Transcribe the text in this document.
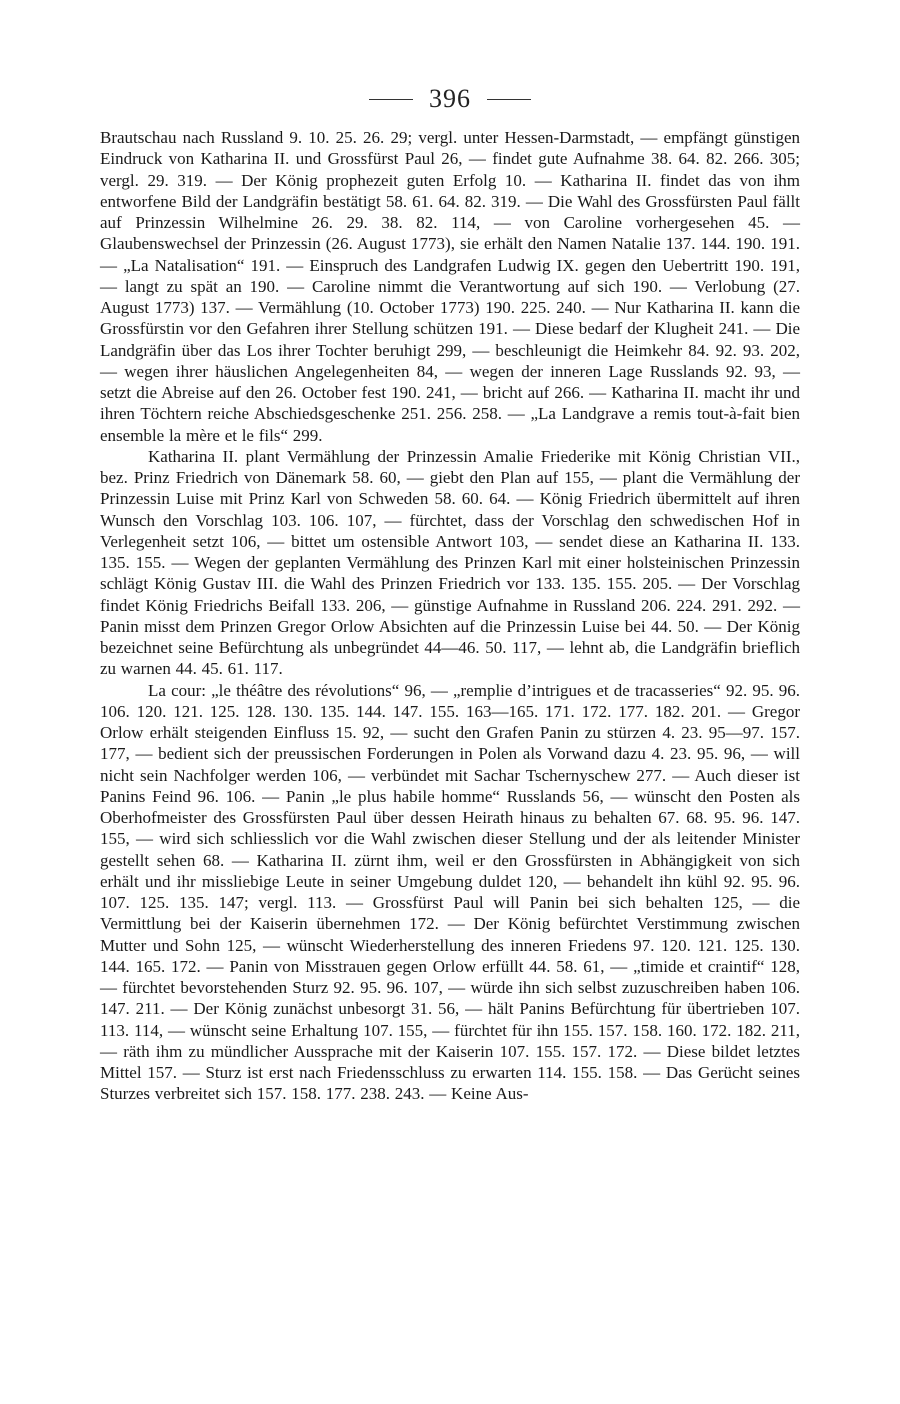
396

Brautschau nach Russland 9. 10. 25. 26. 29; vergl. unter Hessen-Darmstadt, — empfängt günstigen Eindruck von Katharina II. und Grossfürst Paul 26, — findet gute Aufnahme 38. 64. 82. 266. 305; vergl. 29. 319. — Der König prophezeit guten Erfolg 10. — Katharina II. findet das von ihm entworfene Bild der Landgräfin bestätigt 58. 61. 64. 82. 319. — Die Wahl des Grossfürsten Paul fällt auf Prinzessin Wilhelmine 26. 29. 38. 82. 114, — von Caroline vorhergesehen 45. — Glaubenswechsel der Prinzessin (26. August 1773), sie erhält den Namen Natalie 137. 144. 190. 191. — „La Natalisation“ 191. — Einspruch des Landgrafen Ludwig IX. gegen den Uebertritt 190. 191, — langt zu spät an 190. — Caroline nimmt die Verantwortung auf sich 190. — Verlobung (27. August 1773) 137. — Vermählung (10. October 1773) 190. 225. 240. — Nur Katharina II. kann die Grossfürstin vor den Gefahren ihrer Stellung schützen 191. — Diese bedarf der Klugheit 241. — Die Landgräfin über das Los ihrer Tochter beruhigt 299, — beschleunigt die Heimkehr 84. 92. 93. 202, — wegen ihrer häuslichen Angelegenheiten 84, — wegen der inneren Lage Russlands 92. 93, — setzt die Abreise auf den 26. October fest 190. 241, — bricht auf 266. — Katharina II. macht ihr und ihren Töchtern reiche Abschiedsgeschenke 251. 256. 258. — „La Landgrave a remis tout-à-fait bien ensemble la mère et le fils“ 299.

Katharina II. plant Vermählung der Prinzessin Amalie Friederike mit König Christian VII., bez. Prinz Friedrich von Dänemark 58. 60, — giebt den Plan auf 155, — plant die Vermählung der Prinzessin Luise mit Prinz Karl von Schweden 58. 60. 64. — König Friedrich übermittelt auf ihren Wunsch den Vorschlag 103. 106. 107, — fürchtet, dass der Vorschlag den schwedischen Hof in Verlegenheit setzt 106, — bittet um ostensible Antwort 103, — sendet diese an Katharina II. 133. 135. 155. — Wegen der geplanten Vermählung des Prinzen Karl mit einer holsteinischen Prinzessin schlägt König Gustav III. die Wahl des Prinzen Friedrich vor 133. 135. 155. 205. — Der Vorschlag findet König Friedrichs Beifall 133. 206, — günstige Aufnahme in Russland 206. 224. 291. 292. — Panin misst dem Prinzen Gregor Orlow Absichten auf die Prinzessin Luise bei 44. 50. — Der König bezeichnet seine Befürchtung als unbegründet 44—46. 50. 117, — lehnt ab, die Landgräfin brieflich zu warnen 44. 45. 61. 117.

La cour: „le théâtre des révolutions“ 96, — „remplie d’intrigues et de tracasseries“ 92. 95. 96. 106. 120. 121. 125. 128. 130. 135. 144. 147. 155. 163—165. 171. 172. 177. 182. 201. — Gregor Orlow erhält steigenden Einfluss 15. 92, — sucht den Grafen Panin zu stürzen 4. 23. 95—97. 157. 177, — bedient sich der preussischen Forderungen in Polen als Vorwand dazu 4. 23. 95. 96, — will nicht sein Nachfolger werden 106, — verbündet mit Sachar Tschernyschew 277. — Auch dieser ist Panins Feind 96. 106. — Panin „le plus habile homme“ Russlands 56, — wünscht den Posten als Oberhofmeister des Grossfürsten Paul über dessen Heirath hinaus zu behalten 67. 68. 95. 96. 147. 155, — wird sich schliesslich vor die Wahl zwischen dieser Stellung und der als leitender Minister gestellt sehen 68. — Katharina II. zürnt ihm, weil er den Grossfürsten in Abhängigkeit von sich erhält und ihr missliebige Leute in seiner Umgebung duldet 120, — behandelt ihn kühl 92. 95. 96. 107. 125. 135. 147; vergl. 113. — Grossfürst Paul will Panin bei sich behalten 125, — die Vermittlung bei der Kaiserin übernehmen 172. — Der König befürchtet Verstimmung zwischen Mutter und Sohn 125, — wünscht Wiederherstellung des inneren Friedens 97. 120. 121. 125. 130. 144. 165. 172. — Panin von Misstrauen gegen Orlow erfüllt 44. 58. 61, — „timide et craintif“ 128, — fürchtet bevorstehenden Sturz 92. 95. 96. 107, — würde ihn sich selbst zuzuschreiben haben 106. 147. 211. — Der König zunächst unbesorgt 31. 56, — hält Panins Befürchtung für übertrieben 107. 113. 114, — wünscht seine Erhaltung 107. 155, — fürchtet für ihn 155. 157. 158. 160. 172. 182. 211, — räth ihm zu mündlicher Aussprache mit der Kaiserin 107. 155. 157. 172. — Diese bildet letztes Mittel 157. — Sturz ist erst nach Friedensschluss zu erwarten 114. 155. 158. — Das Gerücht seines Sturzes verbreitet sich 157. 158. 177. 238. 243. — Keine Aus-
